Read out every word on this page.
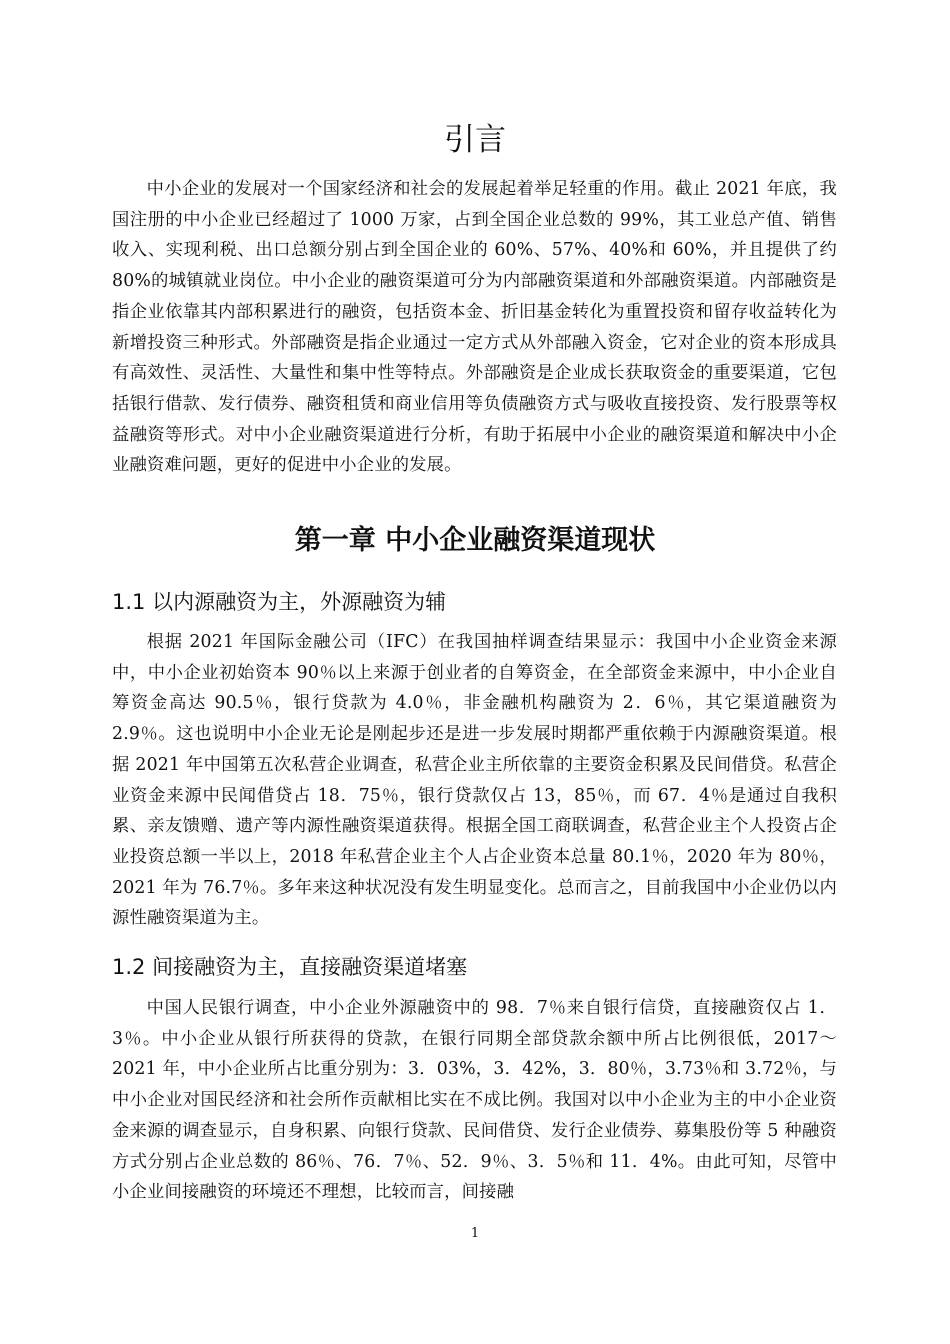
引言

中小企业的发展对一个国家经济和社会的发展起着举足轻重的作用。截止 2021 年底，我国注册的中小企业已经超过了 1000 万家，占到全国企业总数的 99%，其工业总产值、销售收入、实现利税、出口总额分别占到全国企业的 60%、57%、40%和 60%，并且提供了约 80%的城镇就业岗位。中小企业的融资渠道可分为内部融资渠道和外部融资渠道。内部融资是指企业依靠其内部积累进行的融资，包括资本金、折旧基金转化为重置投资和留存收益转化为新增投资三种形式。外部融资是指企业通过一定方式从外部融入资金，它对企业的资本形成具有高效性、灵活性、大量性和集中性等特点。外部融资是企业成长获取资金的重要渠道，它包括银行借款、发行债券、融资租赁和商业信用等负债融资方式与吸收直接投资、发行股票等权益融资等形式。对中小企业融资渠道进行分析，有助于拓展中小企业的融资渠道和解决中小企业融资难问题，更好的促进中小企业的发展。

第一章 中小企业融资渠道现状
1.1 以内源融资为主，外源融资为辅

根据 2021 年国际金融公司（IFC）在我国抽样调查结果显示：我国中小企业资金来源中，中小企业初始资本 90％以上来源于创业者的自筹资金，在全部资金来源中，中小企业自筹资金高达 90.5％，银行贷款为 4.0％，非金融机构融资为 2．6％，其它渠道融资为 2.9％。这也说明中小企业无论是刚起步还是进一步发展时期都严重依赖于内源融资渠道。根据 2021 年中国第五次私营企业调查，私营企业主所依靠的主要资金积累及民间借贷。私营企业资金来源中民闻借贷占 18．75％，银行贷款仅占 13，85％，而 67．4％是通过自我积累、亲友馈赠、遗产等内源性融资渠道获得。根据全国工商联调查，私营企业主个人投资占企业投资总额一半以上，2018 年私营企业主个人占企业资本总量 80.1％，2020 年为 80％，2021 年为 76.7％。多年来这种状况没有发生明显变化。总而言之，目前我国中小企业仍以内源性融资渠道为主。

1.2 间接融资为主，直接融资渠道堵塞

中国人民银行调查，中小企业外源融资中的 98．7％来自银行信贷，直接融资仅占 1．3％。中小企业从银行所获得的贷款，在银行同期全部贷款余额中所占比例很低，2017～2021 年，中小企业所占比重分别为：3．03%，3．42%，3．80％，3.73％和 3.72％，与中小企业对国民经济和社会所作贡献相比实在不成比例。我国对以中小企业为主的中小企业资金来源的调查显示，自身积累、向银行贷款、民间借贷、发行企业债券、募集股份等 5 种融资方式分别占企业总数的 86％、76．7％、52．9％、3．5％和 11．4%。由此可知，尽管中小企业间接融资的环境还不理想，比较而言，间接融

1
